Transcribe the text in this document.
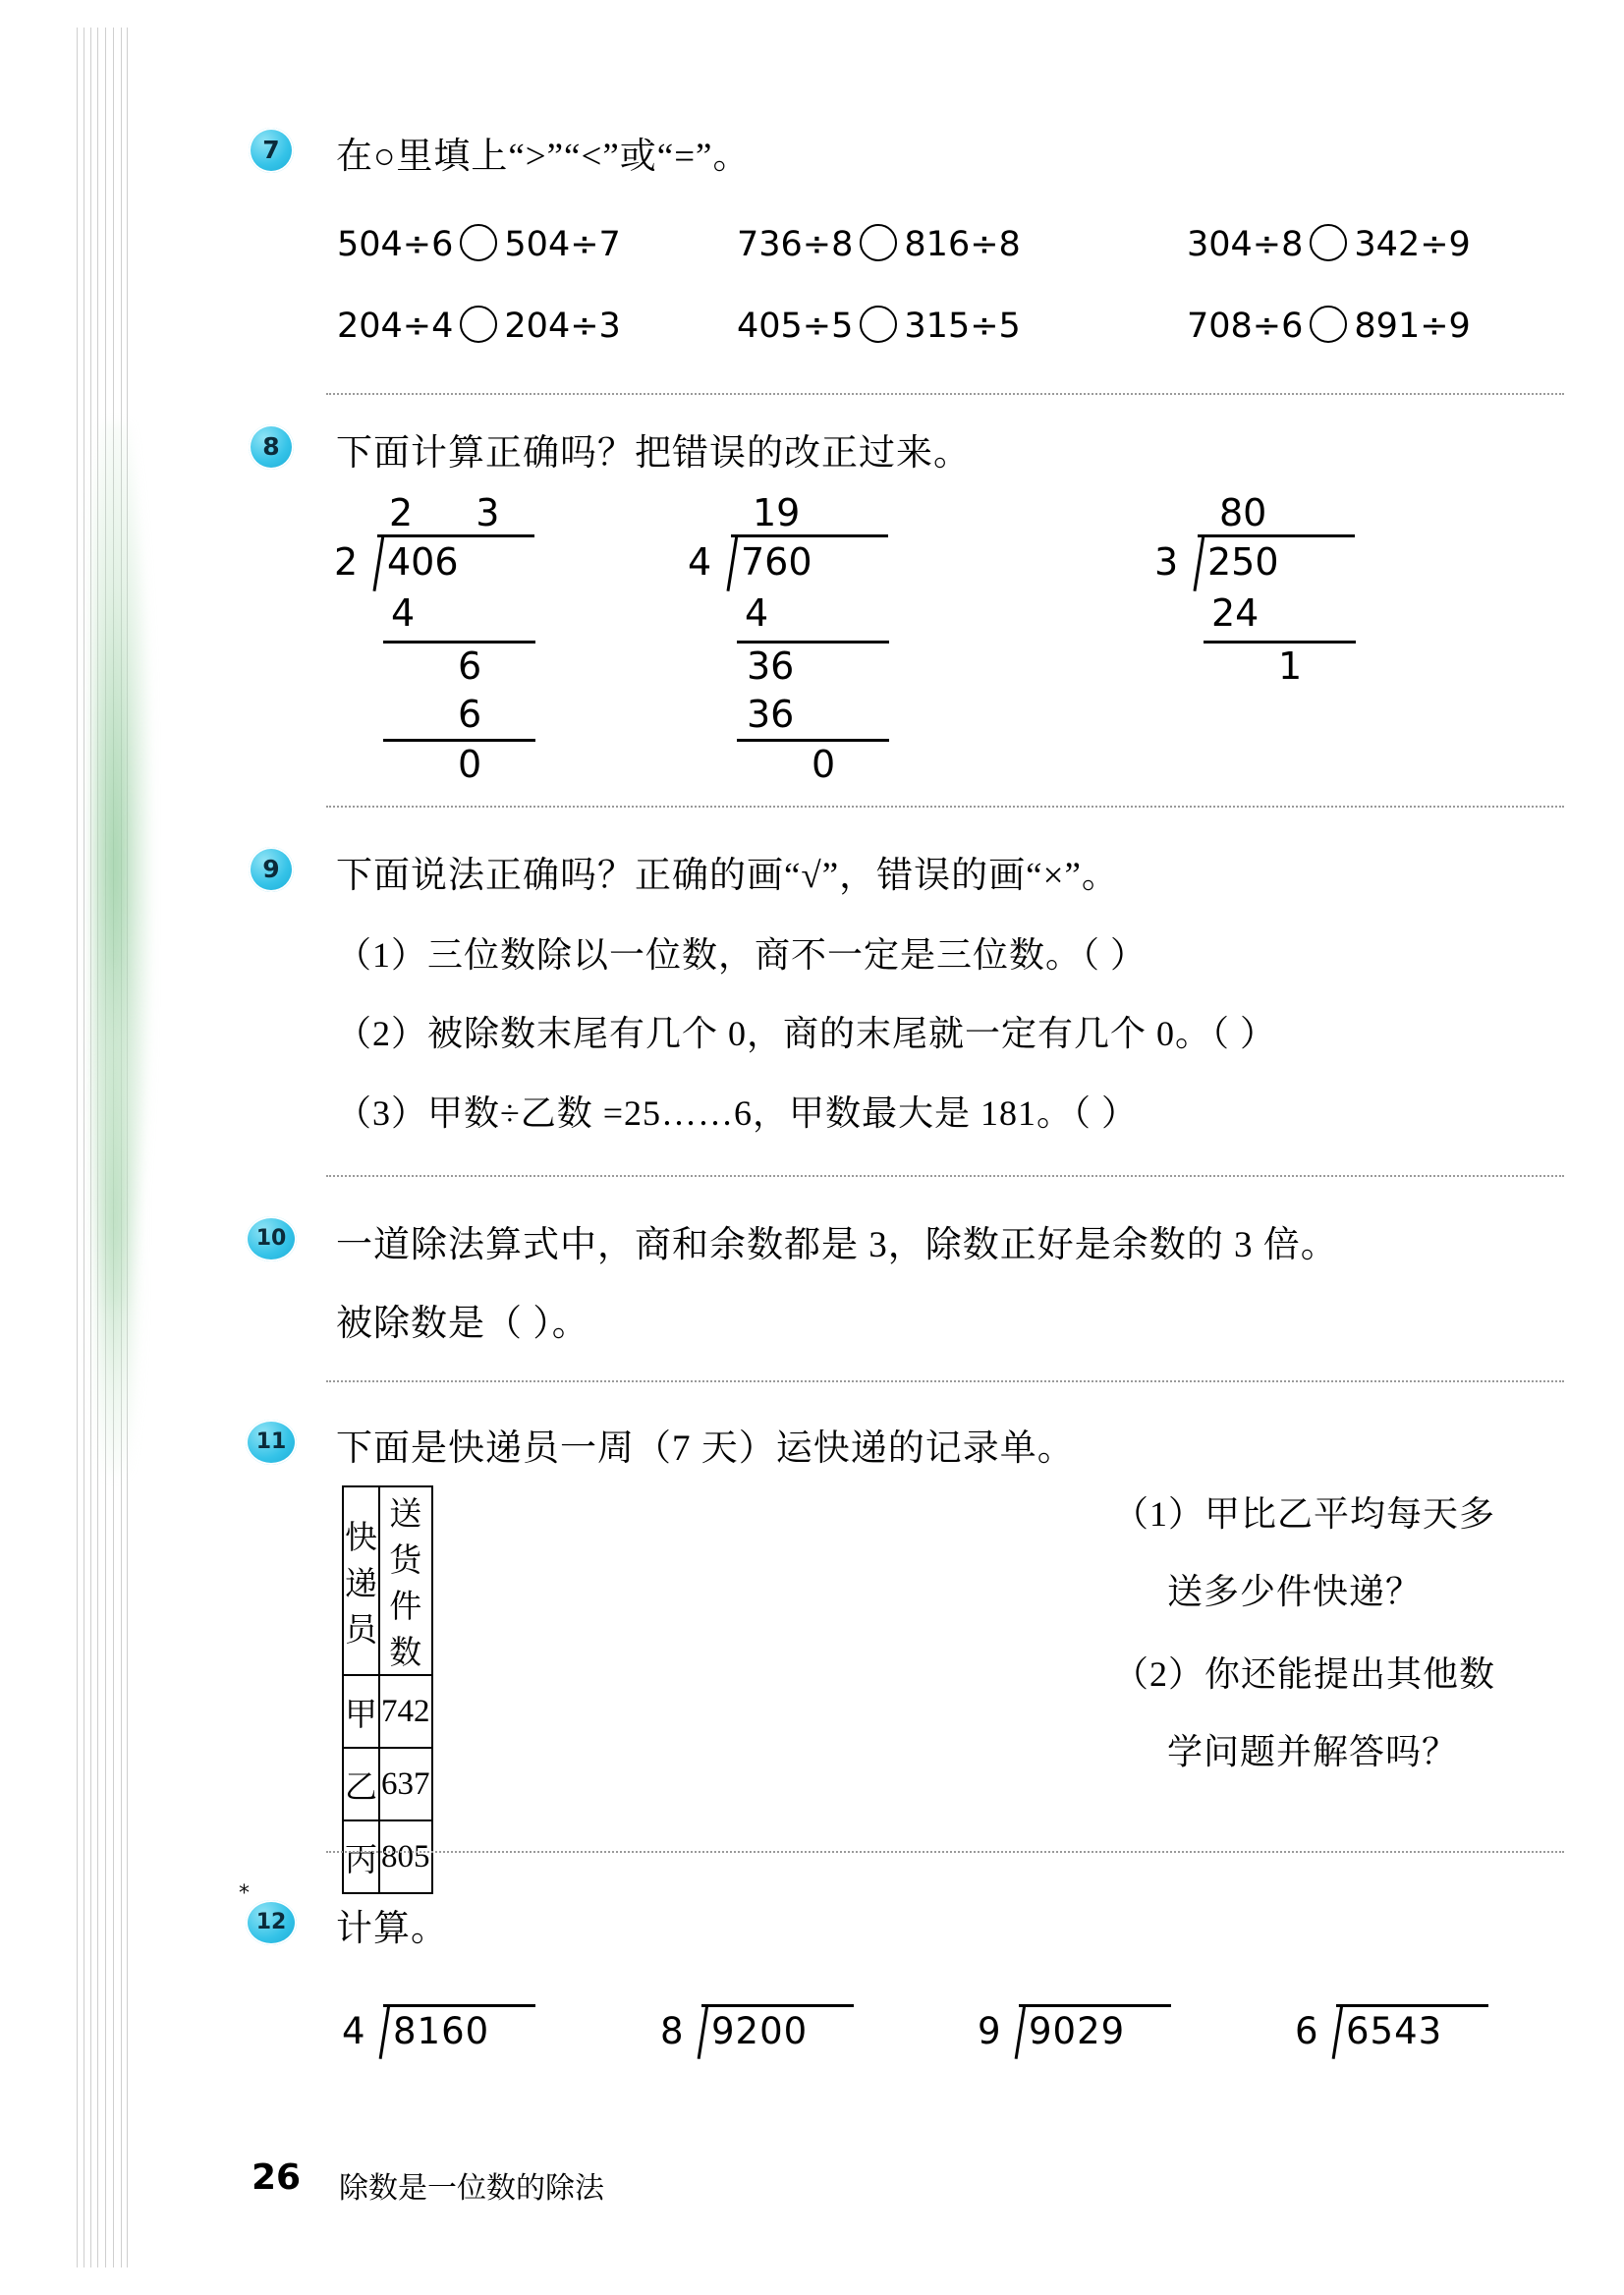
7	在○里填上“>”“<”或“=”。
504÷6 504÷7	736÷8 816÷8	304÷8 342÷9
204÷4 204÷3	405÷5 315÷5	708÷6 891÷9
8	下面计算正确吗？把错误的改正过来。
2 3
2 406
4
6
6
0
19
4 760
4
36
36
0
80
3 250
24
1
9	下面说法正确吗？正确的画“√”，错误的画“×”。
（1）三位数除以一位数，商不一定是三位数。（ ）
（2）被除数末尾有几个 0，商的末尾就一定有几个 0。（ ）
（3）甲数÷乙数 =25……6，甲数最大是 181。（ ）
10 一道除法算式中，商和余数都是 3，除数正好是余数的 3 倍。
被除数是（ ）。
11 下面是快递员一周（7 天）运快递的记录单。
快递员	送货件数
甲	742
乙	637
丙	805
（1）甲比乙平均每天多
送多少件快递？
（2）你还能提出其他数
学问题并解答吗？
*
12 计算。
4 8160	8 9200	9 9029	6 6543
26 除数是一位数的除法
